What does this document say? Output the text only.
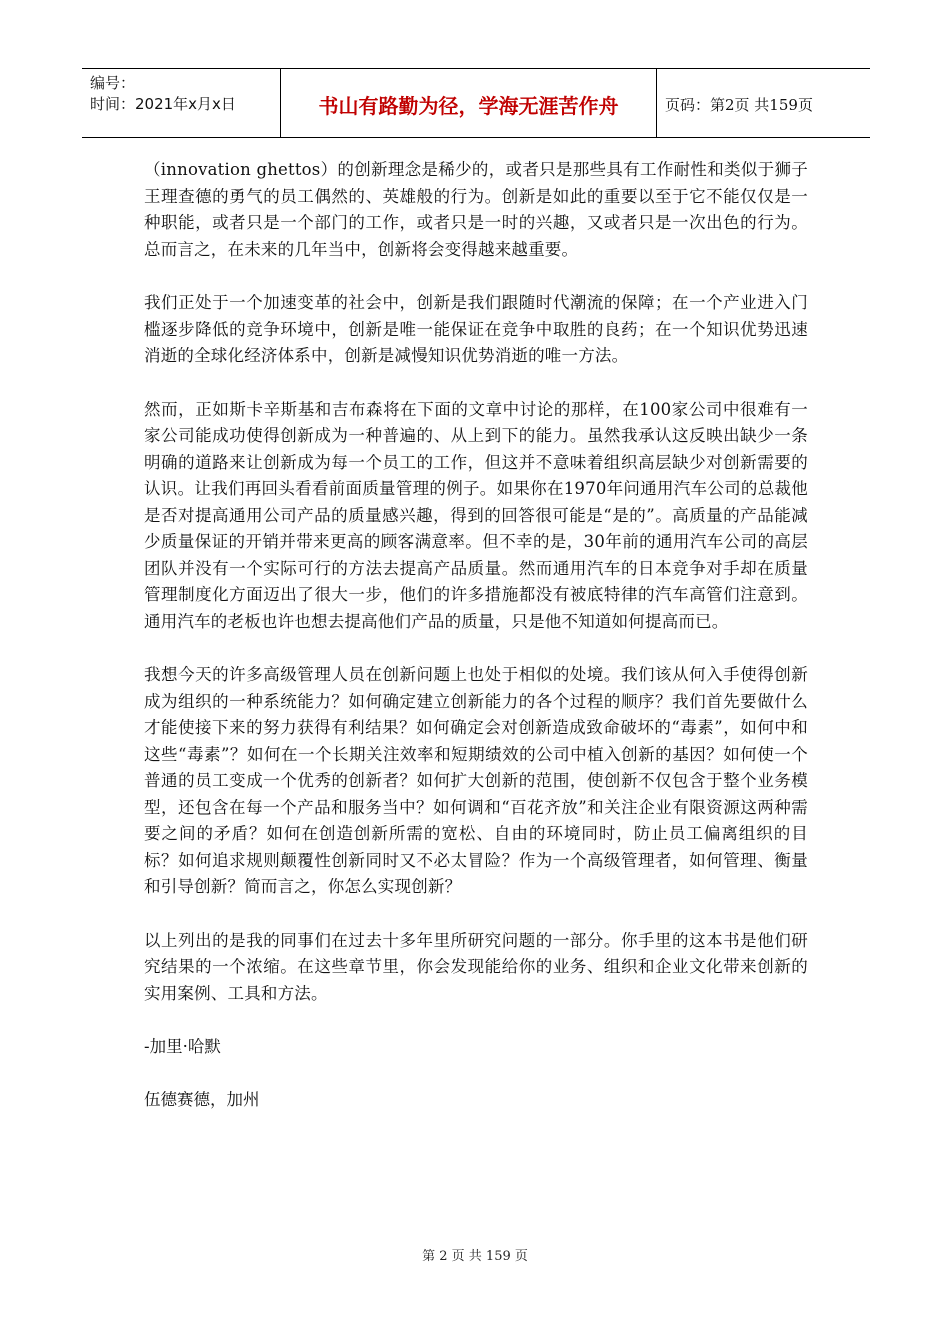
编号：
时间：2021年x月x日	书山有路勤为径，学海无涯苦作舟	页码：第2页 共159页

（innovation ghettos）的创新理念是稀少的，或者只是那些具有工作耐性和类似于狮子王理查德的勇气的员工偶然的、英雄般的行为。创新是如此的重要以至于它不能仅仅是一种职能，或者只是一个部门的工作，或者只是一时的兴趣，又或者只是一次出色的行为。总而言之，在未来的几年当中，创新将会变得越来越重要。

我们正处于一个加速变革的社会中，创新是我们跟随时代潮流的保障；在一个产业进入门槛逐步降低的竞争环境中，创新是唯一能保证在竞争中取胜的良药；在一个知识优势迅速消逝的全球化经济体系中，创新是减慢知识优势消逝的唯一方法。

然而，正如斯卡辛斯基和吉布森将在下面的文章中讨论的那样，在100家公司中很难有一家公司能成功使得创新成为一种普遍的、从上到下的能力。虽然我承认这反映出缺少一条明确的道路来让创新成为每一个员工的工作，但这并不意味着组织高层缺少对创新需要的认识。让我们再回头看看前面质量管理的例子。如果你在1970年问通用汽车公司的总裁他是否对提高通用公司产品的质量感兴趣，得到的回答很可能是“是的”。高质量的产品能减少质量保证的开销并带来更高的顾客满意率。但不幸的是，30年前的通用汽车公司的高层团队并没有一个实际可行的方法去提高产品质量。然而通用汽车的日本竞争对手却在质量管理制度化方面迈出了很大一步，他们的许多措施都没有被底特律的汽车高管们注意到。通用汽车的老板也许也想去提高他们产品的质量，只是他不知道如何提高而已。

我想今天的许多高级管理人员在创新问题上也处于相似的处境。我们该从何入手使得创新成为组织的一种系统能力？如何确定建立创新能力的各个过程的顺序？我们首先要做什么才能使接下来的努力获得有利结果？如何确定会对创新造成致命破坏的“毒素”，如何中和这些“毒素”？如何在一个长期关注效率和短期绩效的公司中植入创新的基因？如何使一个普通的员工变成一个优秀的创新者？如何扩大创新的范围，使创新不仅包含于整个业务模型，还包含在每一个产品和服务当中？如何调和“百花齐放”和关注企业有限资源这两种需要之间的矛盾？如何在创造创新所需的宽松、自由的环境同时，防止员工偏离组织的目标？如何追求规则颠覆性创新同时又不必太冒险？作为一个高级管理者，如何管理、衡量和引导创新？简而言之，你怎么实现创新？

以上列出的是我的同事们在过去十多年里所研究问题的一部分。你手里的这本书是他们研究结果的一个浓缩。在这些章节里，你会发现能给你的业务、组织和企业文化带来创新的实用案例、工具和方法。

-加里·哈默

伍德赛德，加州

第 2 页 共 159 页
